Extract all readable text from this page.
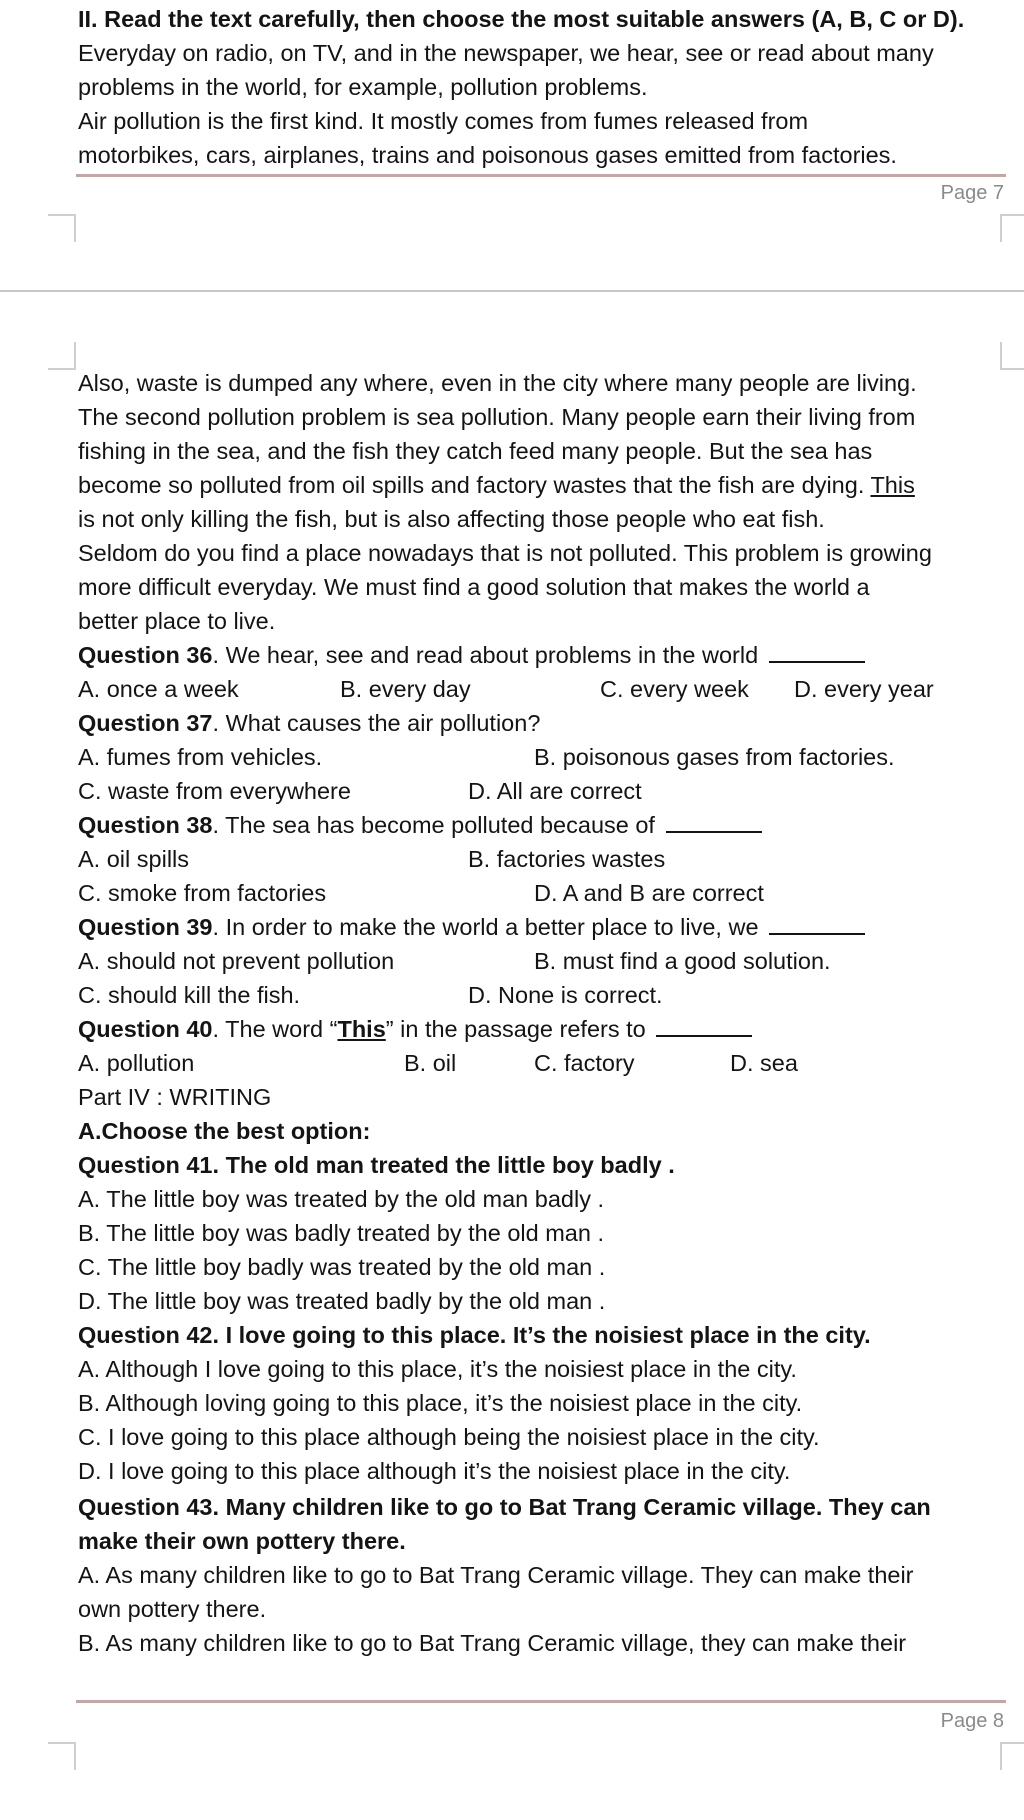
II. Read the text carefully, then choose the most suitable answers (A, B, C or D).
Everyday on radio, on TV, and in the newspaper, we hear, see or read about many
problems in the world, for example, pollution problems.
Air pollution is the first kind. It mostly comes from fumes released from
motorbikes, cars, airplanes, trains and poisonous gases emitted from factories.
Page 7
Also, waste is dumped any where, even in the city where many people are living.
The second pollution problem is sea pollution. Many people earn their living from
fishing in the sea, and the fish they catch feed many people. But the sea has
become so polluted from oil spills and factory wastes that the fish are dying. This
is not only killing the fish, but is also affecting those people who eat fish.
Seldom do you find a place nowadays that is not polluted. This problem is growing
more difficult everyday. We must find a good solution that makes the world a
better place to live.
Question 36. We hear, see and read about problems in the world
A. once a week	B. every day	C. every week D. every year
Question 37. What causes the air pollution?
A. fumes from vehicles.	B. poisonous gases from factories.
C. waste from everywhere	D. All are correct
Question 38. The sea has become polluted because of
A. oil spills	B. factories wastes
C. smoke from factories	D. A and B are correct
Question 39. In order to make the world a better place to live, we
A. should not prevent pollution	B. must find a good solution.
C. should kill the fish.	D. None is correct.
Question 40. The word “This” in the passage refers to
A. pollution	B. oil	C. factory	D. sea
Part IV : WRITING
A.Choose the best option:
Question 41. The old man treated the little boy badly .
A. The little boy was treated by the old man badly .
B. The little boy was badly treated by the old man .
C. The little boy badly was treated by the old man .
D. The little boy was treated badly by the old man .
Question 42. I love going to this place. It’s the noisiest place in the city.
A. Although I love going to this place, it’s the noisiest place in the city.
B. Although loving going to this place, it’s the noisiest place in the city.
C. I love going to this place although being the noisiest place in the city.
D. I love going to this place although it’s the noisiest place in the city.
Question 43. Many children like to go to Bat Trang Ceramic village. They can
make their own pottery there.
A. As many children like to go to Bat Trang Ceramic village. They can make their
own pottery there.
B. As many children like to go to Bat Trang Ceramic village, they can make their
Page 8
